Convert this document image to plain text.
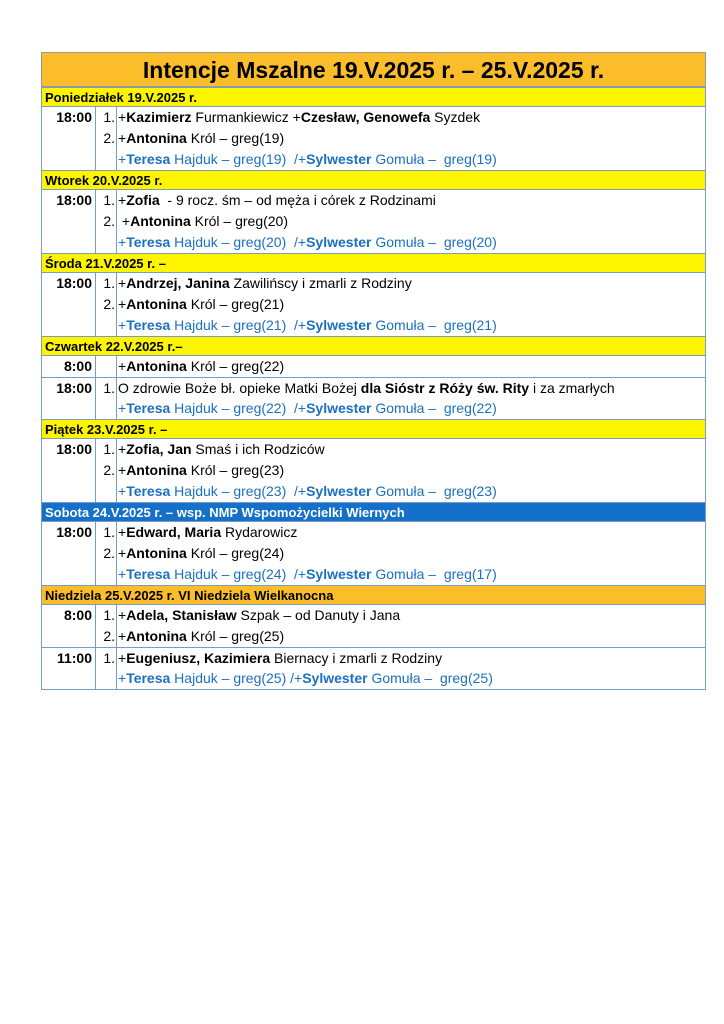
Intencje Mszalne 19.V.2025 r. – 25.V.2025 r.
Poniedziałek 19.V.2025 r.
18:00 1. +Kazimierz Furmankiewicz +Czesław, Genowefa Syzdek
2. +Antonina Król – greg(19)
+Teresa Hajduk – greg(19)  /+Sylwester Gomuła –  greg(19)
Wtorek 20.V.2025 r.
18:00 1. +Zofia  - 9 rocz. śm – od męża i córek z Rodzinami
2. +Antonina Król – greg(20)
+Teresa Hajduk – greg(20)  /+Sylwester Gomuła –  greg(20)
Środa 21.V.2025 r. –
18:00 1. +Andrzej, Janina Zawilińscy i zmarli z Rodziny
2. +Antonina Król – greg(21)
+Teresa Hajduk – greg(21)  /+Sylwester Gomuła –  greg(21)
Czwartek 22.V.2025 r.–
8:00 +Antonina Król – greg(22)
18:00 1. O zdrowie Boże bł. opieke Matki Bożej dla Sióstr z Róży św. Rity i za zmarłych
+Teresa Hajduk – greg(22)  /+Sylwester Gomuła –  greg(22)
Piątek 23.V.2025 r. –
18:00 1. +Zofia, Jan Smaś i ich Rodziców
2. +Antonina Król – greg(23)
+Teresa Hajduk – greg(23)  /+Sylwester Gomuła –  greg(23)
Sobota 24.V.2025 r. – wsp. NMP Wspomożycielki Wiernych
18:00 1. +Edward, Maria Rydarowicz
2. +Antonina Król – greg(24)
+Teresa Hajduk – greg(24)  /+Sylwester Gomuła –  greg(17)
Niedziela 25.V.2025 r. VI Niedziela Wielkanocna
8:00 1. +Adela, Stanisław Szpak – od Danuty i Jana
2. +Antonina Król – greg(25)
11:00 1. +Eugeniusz, Kazimiera Biernacy i zmarli z Rodziny
+Teresa Hajduk – greg(25) /+Sylwester Gomuła –  greg(25)
